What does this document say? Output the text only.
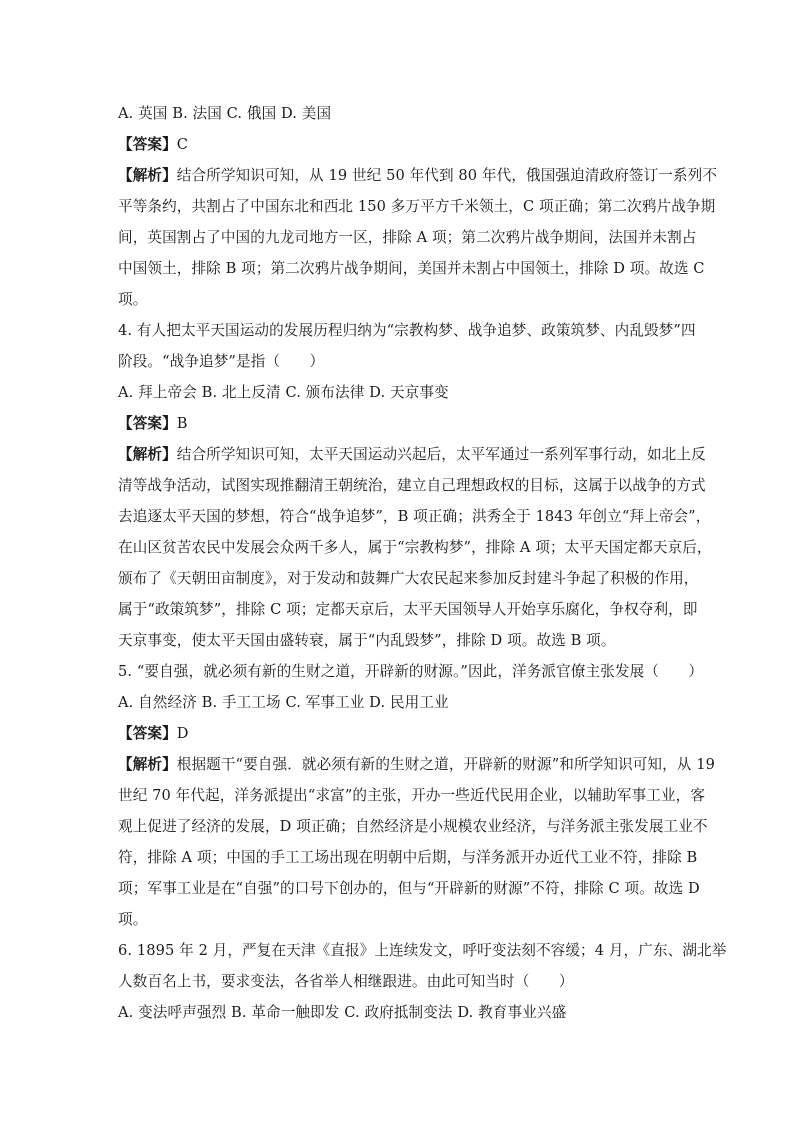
A. 英国 B. 法国 C. 俄国 D. 美国
【答案】C
【解析】结合所学知识可知，从 19 世纪 50 年代到 80 年代，俄国强迫清政府签订一系列不
平等条约，共割占了中国东北和西北 150 多万平方千米领土，C 项正确；第二次鸦片战争期
间，英国割占了中国的九龙司地方一区，排除 A 项；第二次鸦片战争期间，法国并未割占
中国领土，排除 B 项；第二次鸦片战争期间，美国并未割占中国领土，排除 D 项。故选 C
项。
4. 有人把太平天国运动的发展历程归纳为“宗教构梦、战争追梦、政策筑梦、内乱毁梦”四
阶段。“战争追梦”是指（　　）
A. 拜上帝会 B. 北上反清 C. 颁布法律 D. 天京事变
【答案】B
【解析】结合所学知识可知，太平天国运动兴起后，太平军通过一系列军事行动，如北上反
清等战争活动，试图实现推翻清王朝统治，建立自己理想政权的目标，这属于以战争的方式
去追逐太平天国的梦想，符合“战争追梦”，B 项正确；洪秀全于 1843 年创立“拜上帝会”，
在山区贫苦农民中发展会众两千多人，属于“宗教构梦”，排除 A 项；太平天国定都天京后，
颁布了《天朝田亩制度》，对于发动和鼓舞广大农民起来参加反封建斗争起了积极的作用，
属于“政策筑梦”，排除 C 项；定都天京后，太平天国领导人开始享乐腐化，争权夺利，即
天京事变，使太平天国由盛转衰，属于“内乱毁梦”，排除 D 项。故选 B 项。
5. “要自强，就必须有新的生财之道，开辟新的财源。”因此，洋务派官僚主张发展（　　）
A. 自然经济 B. 手工工场 C. 军事工业 D. 民用工业
【答案】D
【解析】根据题干“要自强．就必须有新的生财之道，开辟新的财源”和所学知识可知，从 19
世纪 70 年代起，洋务派提出“求富”的主张，开办一些近代民用企业，以辅助军事工业，客
观上促进了经济的发展，D 项正确；自然经济是小规模农业经济，与洋务派主张发展工业不
符，排除 A 项；中国的手工工场出现在明朝中后期，与洋务派开办近代工业不符，排除 B
项；军事工业是在“自强”的口号下创办的，但与“开辟新的财源”不符，排除 C 项。故选 D
项。
6. 1895 年 2 月，严复在天津《直报》上连续发文，呼吁变法刻不容缓；4 月，广东、湖北举
人数百名上书，要求变法，各省举人相继跟进。由此可知当时（　　）
A. 变法呼声强烈 B. 革命一触即发 C. 政府抵制变法 D. 教育事业兴盛
